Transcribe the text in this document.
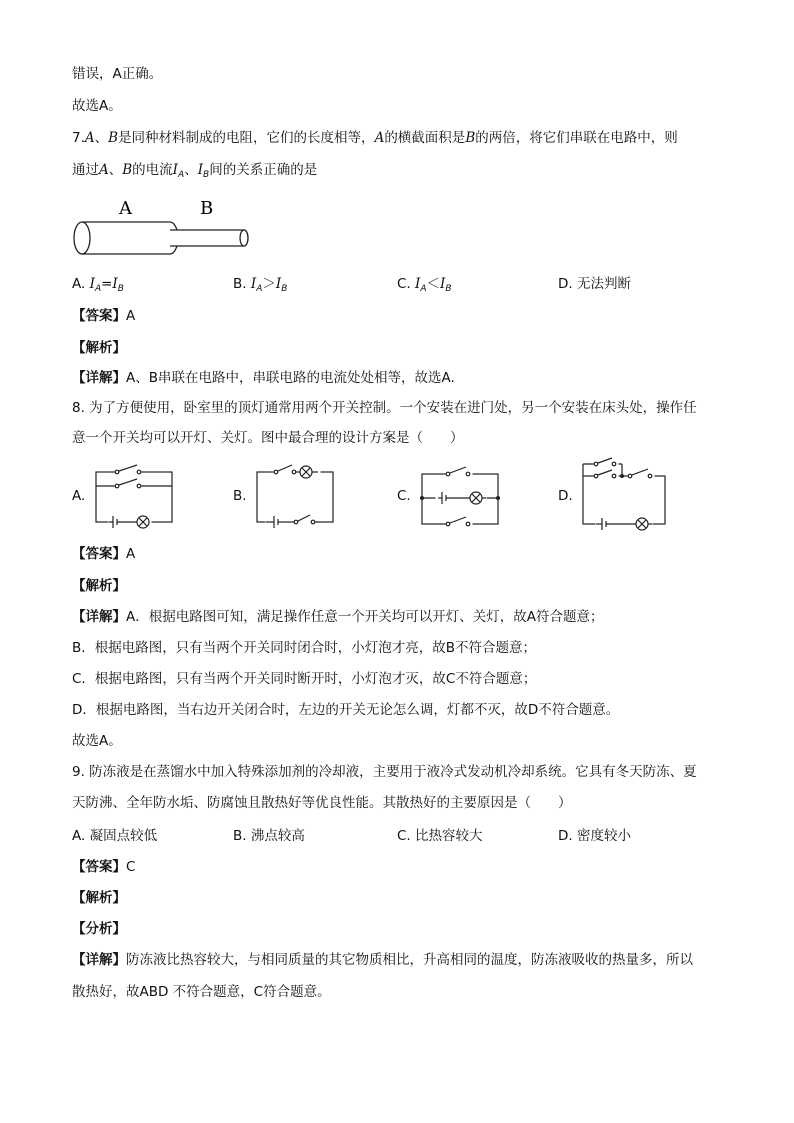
错误，A正确。
故选A。
7.A、B是同种材料制成的电阻，它们的长度相等，A的横截面积是B的两倍，将它们串联在电路中，则
通过A、B的电流$I_A$、$I_B$间的关系正确的是
A	B
A. $I_A=I_B$	B. $I_A>I_B$	C. $I_A<I_B$	D. 无法判断
【答案】A
【解析】
【详解】A、B串联在电路中，串联电路的电流处处相等，故选A.
8. 为了方便使用，卧室里的顶灯通常用两个开关控制。一个安装在进门处，另一个安装在床头处，操作任
意一个开关均可以开灯、关灯。图中最合理的设计方案是（　　）
A.	B.	C.	D.
【答案】A
【解析】
【详解】A．根据电路图可知，满足操作任意一个开关均可以开灯、关灯，故A符合题意；
B．根据电路图，只有当两个开关同时闭合时，小灯泡才亮，故B不符合题意；
C．根据电路图，只有当两个开关同时断开时，小灯泡才灭，故C不符合题意；
D．根据电路图，当右边开关闭合时，左边的开关无论怎么调，灯都不灭，故D不符合题意。
故选A。
9. 防冻液是在蒸馏水中加入特殊添加剂的冷却液，主要用于液冷式发动机冷却系统。它具有冬天防冻、夏
天防沸、全年防水垢、防腐蚀且散热好等优良性能。其散热好的主要原因是（　　）
A. 凝固点较低	B. 沸点较高	C. 比热容较大	D. 密度较小
【答案】C
【解析】
【分析】
【详解】防冻液比热容较大，与相同质量的其它物质相比，升高相同的温度，防冻液吸收的热量多，所以
散热好，故ABD 不符合题意，C符合题意。
